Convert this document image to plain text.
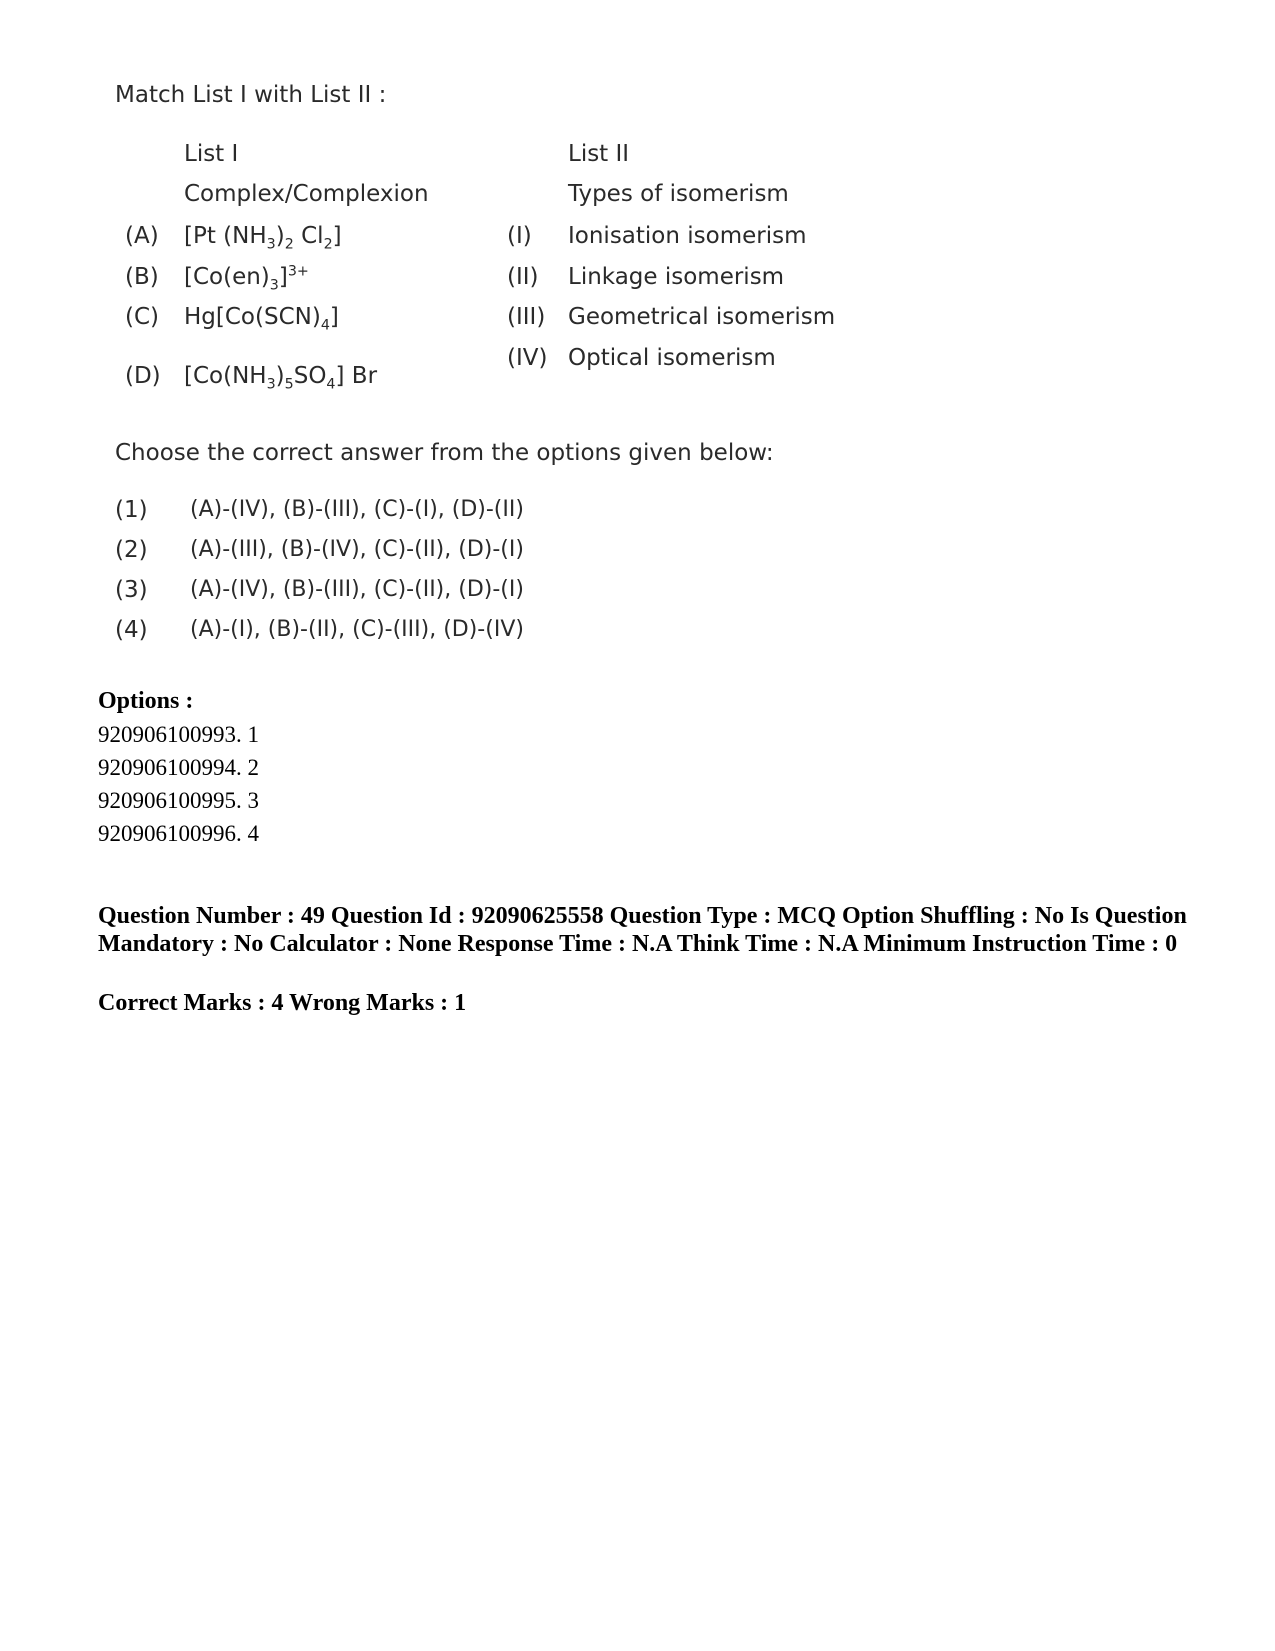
Match List I with List II :
List I	List II
Complex/Complexion	Types of isomerism
(A) [Pt $(NH_3)_2$ $Cl_2$]
(B) $[Co(en)_3]^{3+}$
(C) $Hg[Co(SCN)_4]$
(D) $[Co(NH_3)_5SO_4]$ Br
(I) Ionisation isomerism
(II) Linkage isomerism
(III) Geometrical isomerism
(IV) Optical isomerism
Choose the correct answer from the options given below:
(1) (A)-(IV), (B)-(III), (C)-(I), (D)-(II)
(2) (A)-(III), (B)-(IV), (C)-(II), (D)-(I)
(3) (A)-(IV), (B)-(III), (C)-(II), (D)-(I)
(4) (A)-(I), (B)-(II), (C)-(III), (D)-(IV)
Options :
920906100993. 1
920906100994. 2
920906100995. 3
920906100996. 4
Question Number : 49 Question Id : 92090625558 Question Type : MCQ Option Shuffling : No Is Question Mandatory : No Calculator : None Response Time : N.A Think Time : N.A Minimum Instruction Time : 0
Correct Marks : 4 Wrong Marks : 1
